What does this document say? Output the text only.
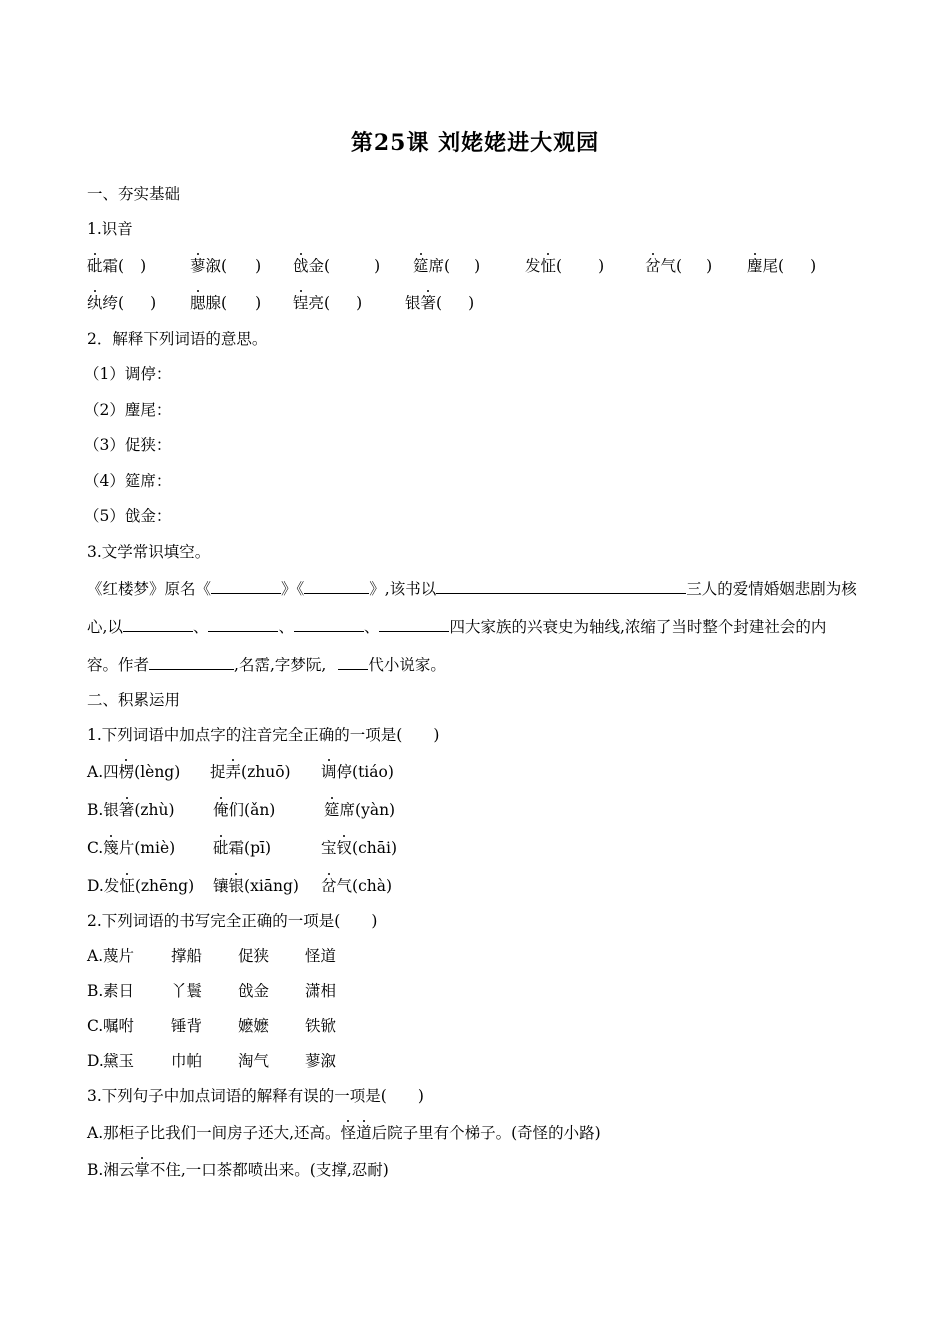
第25课 刘姥姥进大观园
一、夯实基础
1.识音
砒霜( )	蓼溆( ) 戗金(	) 筵席( )	发怔( )	岔气( ) 麈尾( )
纨绔( ) 腮腺( ) 锃亮( )	银箸( )
2．解释下列词语的意思。
（1）调停：
（2）麈尾：
（3）促狭：
（4）筵席：
（5）戗金：
3.文学常识填空。
《红楼梦》原名《	》《	》,该书以	三人的爱情婚姻悲剧为核
心,以	、	、	、	四大家族的兴衰史为轴线,浓缩了当时整个封建社会的内
容。作者	,名霑,字梦阮,	代小说家。
二、积累运用
1.下列词语中加点字的注音完全正确的一项是(　　)
A.四楞(lèng) 捉弄(zhuō) 调停(tiáo)
B.银箸(zhù) 俺们(ǎn)	筵席(yàn)
C.篾片(miè) 砒霜(pī)	宝钗(chāi)
D.发怔(zhēng) 镶银(xiāng) 岔气(chà)
2.下列词语的书写完全正确的一项是(　　)
A. 蔑片 撑船 促狭 怪道
B. 素日 丫鬟 戗金 潇相
C. 嘱咐 锤背 嬷嬷 铁锨
D. 黛玉 巾帕 淘气 蓼溆
3.下列句子中加点词语的解释有误的一项是(　　)
A.那柜子比我们一间房子还大,还高。怪道后院子里有个梯子。(奇怪的小路)
B.湘云掌不住,一口茶都喷出来。(支撑,忍耐)
